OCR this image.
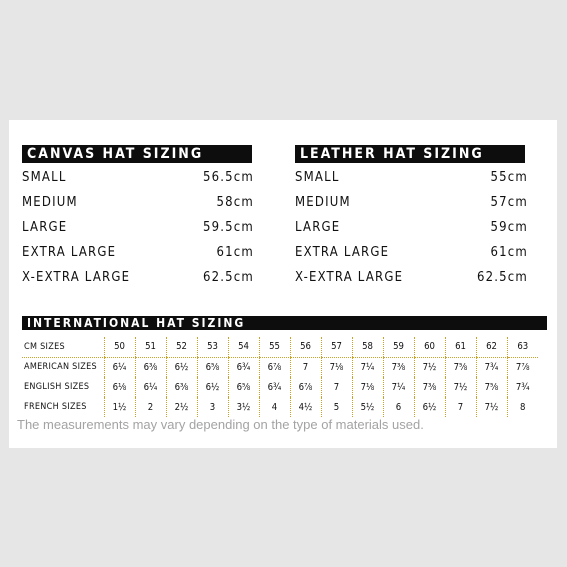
CANVAS HAT SIZING
SMALL	56.5cm
MEDIUM	58cm
LARGE	59.5cm
EXTRA LARGE	61cm
X-EXTRA LARGE	62.5cm
LEATHER HAT SIZING
SMALL	55cm
MEDIUM	57cm
LARGE	59cm
EXTRA LARGE	61cm
X-EXTRA LARGE	62.5cm
INTERNATIONAL HAT SIZING
CM SIZES	50	51	52	53	54	55	56	57	58	59	60	61	62	63
AMERICAN SIZES	6¼	6⅜	6½	6⅝	6¾	6⅞	7	7⅛	7¼	7⅜	7½	7⅝	7¾	7⅞
ENGLISH SIZES	6⅛	6¼	6⅜	6½	6⅝	6¾	6⅞	7	7⅛	7¼	7⅜	7½	7⅝	7¾
FRENCH SIZES	1½	2	2½	3	3½	4	4½	5	5½	6	6½	7	7½	8
The measurements may vary depending on the type of materials used.
